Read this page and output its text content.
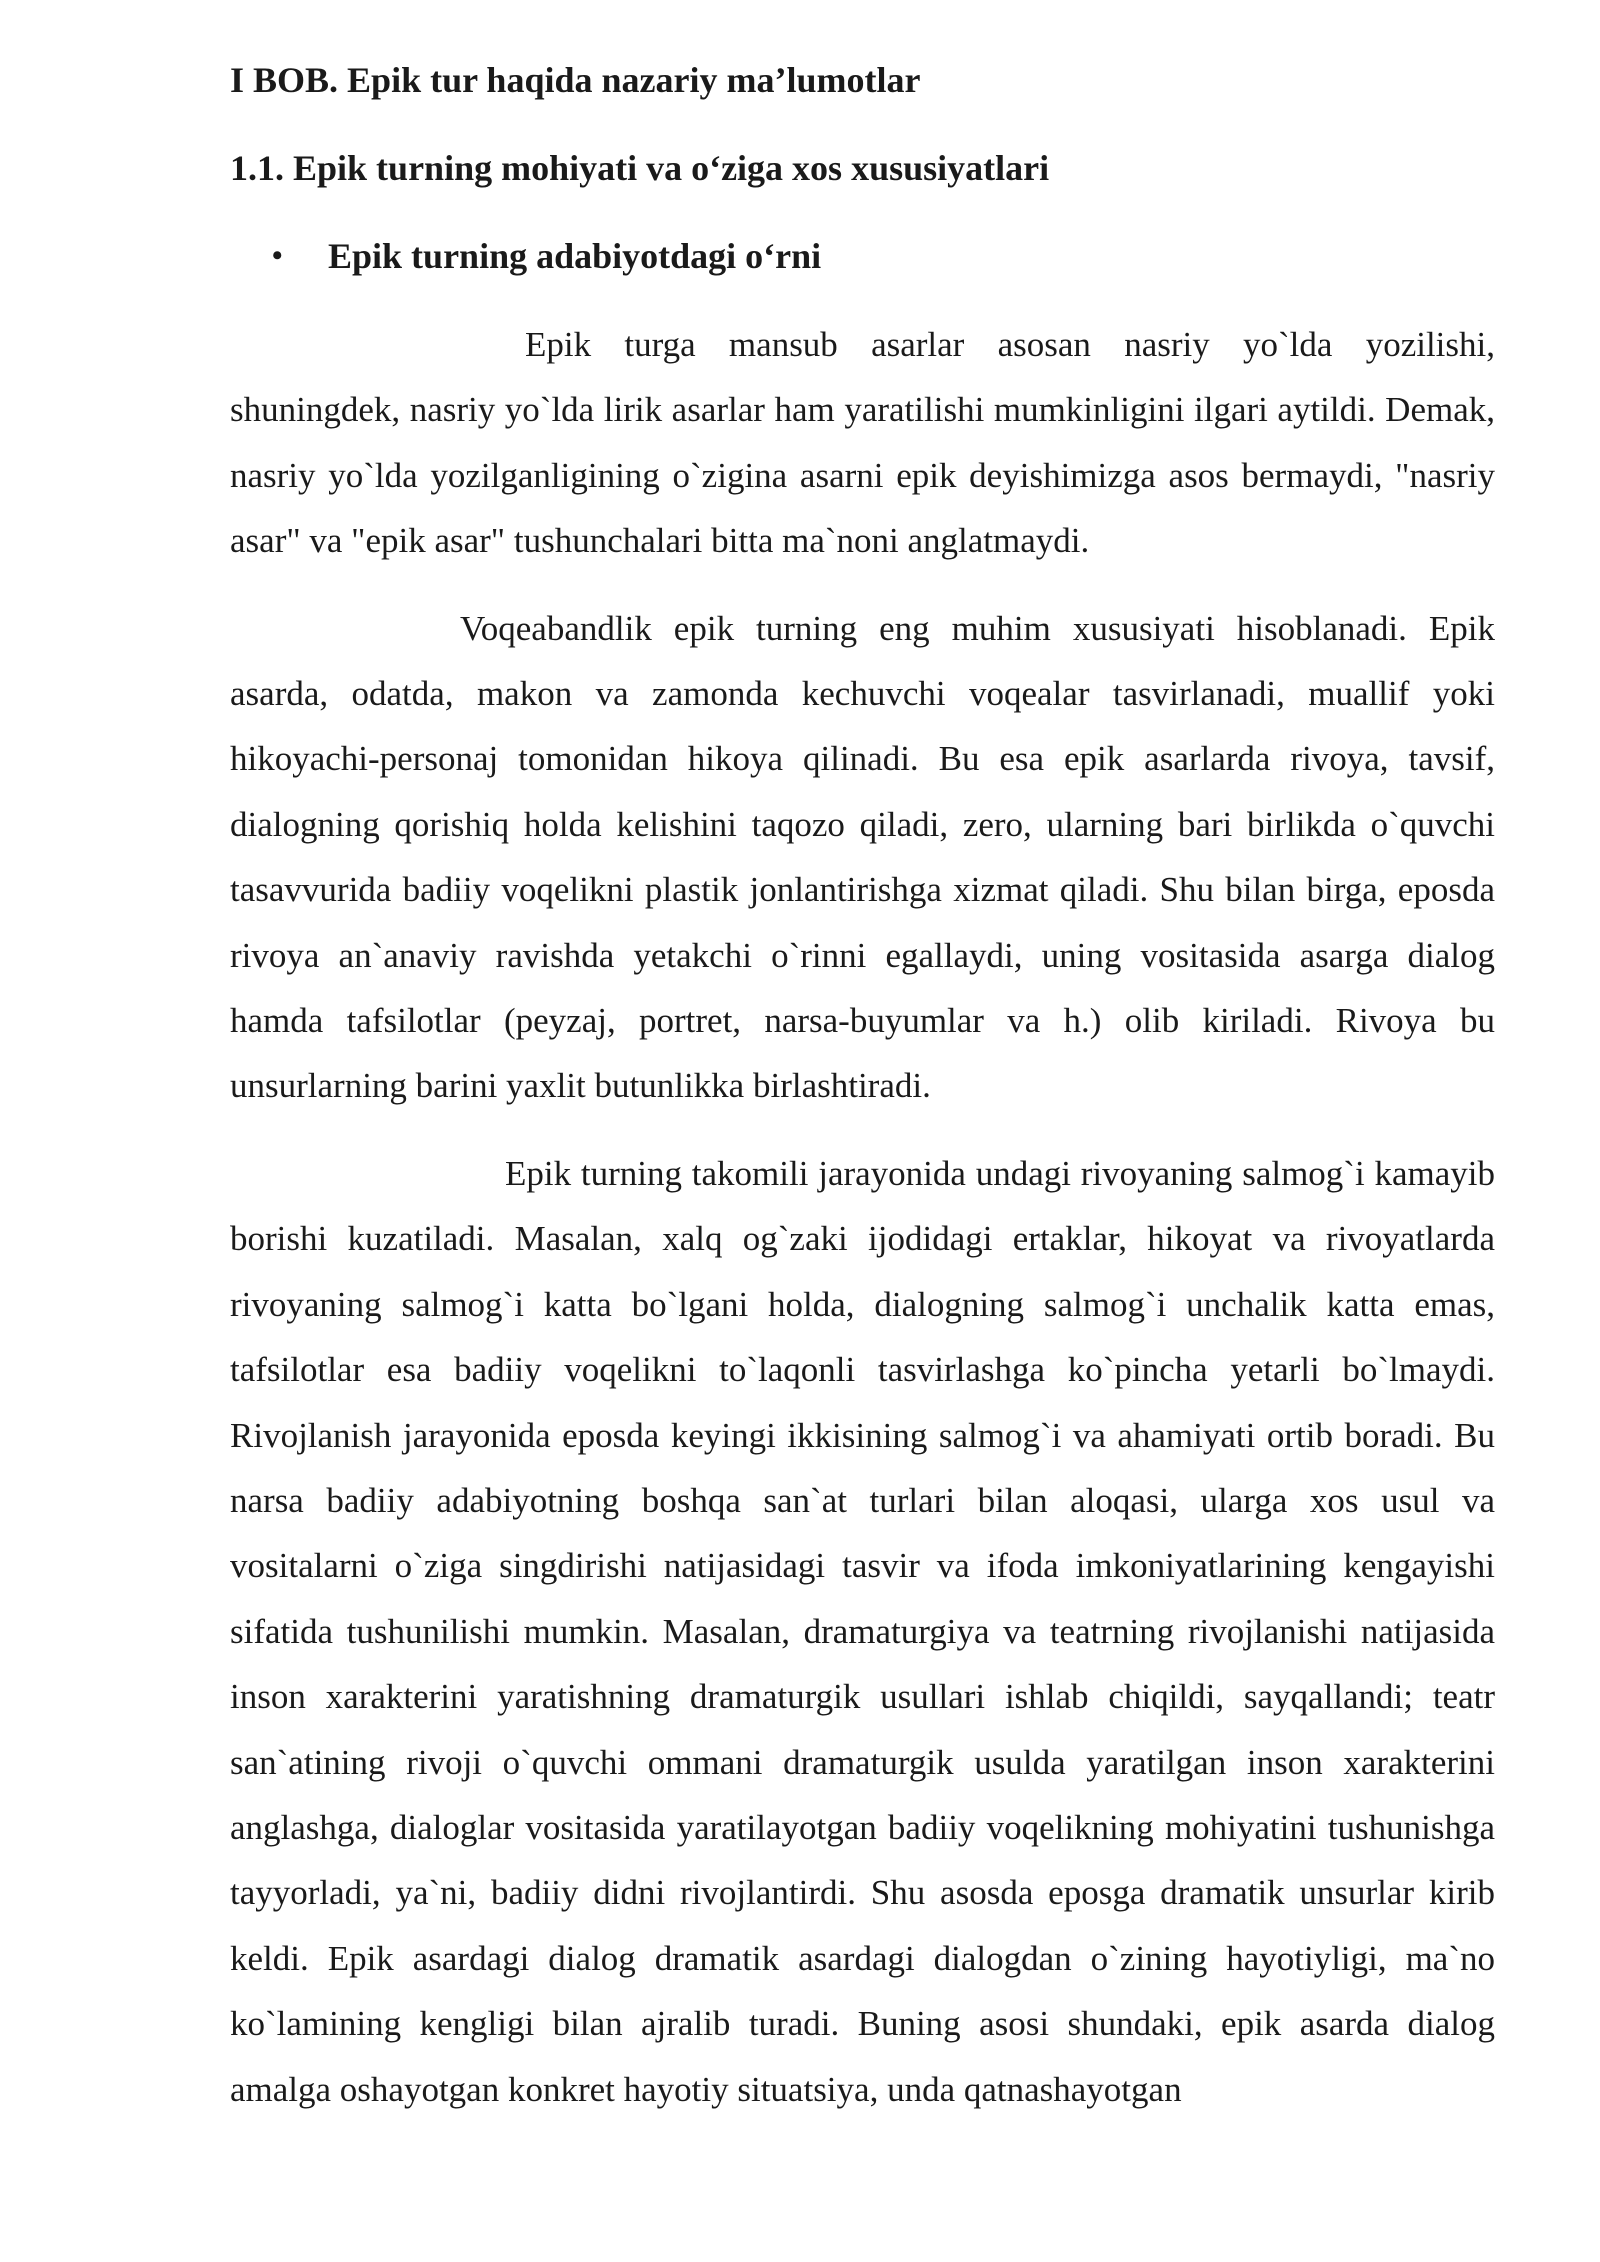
I BOB. Epik tur haqida nazariy ma’lumotlar
1.1. Epik turning mohiyati va o‘ziga xos xususiyatlari
•	Epik turning adabiyotdagi o‘rni

Epik turga mansub asarlar asosan nasriy yo`lda yozilishi, shuningdek, nasriy yo`lda lirik asarlar ham yaratilishi mumkinligini ilgari aytildi. Demak, nasriy yo`lda yozilganligining o`zigina asarni epik deyishimizga asos bermaydi, "nasriy asar" va "epik asar" tushunchalari bitta ma`noni anglatmaydi.

Voqeabandlik epik turning eng muhim xususiyati hisoblanadi. Epik asarda, odatda, makon va zamonda kechuvchi voqealar tasvirlanadi, muallif yoki hikoyachi-personaj tomonidan hikoya qilinadi. Bu esa epik asarlarda rivoya, tavsif, dialogning qorishiq holda kelishini taqozo qiladi, zero, ularning bari birlikda o`quvchi tasavvurida badiiy voqelikni plastik jonlantirishga xizmat qiladi. Shu bilan birga, eposda rivoya an`anaviy ravishda yetakchi o`rinni egallaydi, uning vositasida asarga dialog hamda tafsilotlar (peyzaj, portret, narsa-buyumlar va h.) olib kiriladi. Rivoya bu unsurlarning barini yaxlit butunlikka birlashtiradi.

Epik turning takomili jarayonida undagi rivoyaning salmog`i kamayib borishi kuzatiladi. Masalan, xalq og`zaki ijodidagi ertaklar, hikoyat va rivoyatlarda rivoyaning salmog`i katta bo`lgani holda, dialogning salmog`i unchalik katta emas, tafsilotlar esa badiiy voqelikni to`laqonli tasvirlashga ko`pincha yetarli bo`lmaydi. Rivojlanish jarayonida eposda keyingi ikkisining salmog`i va ahamiyati ortib boradi. Bu narsa badiiy adabiyotning boshqa san`at turlari bilan aloqasi, ularga xos usul va vositalarni o`ziga singdirishi natijasidagi tasvir va ifoda imkoniyatlarining kengayishi sifatida tushunilishi mumkin. Masalan, dramaturgiya va teatrning rivojlanishi natijasida inson xarakterini yaratishning dramaturgik usullari ishlab chiqildi, sayqallandi; teatr san`atining rivoji o`quvchi ommani dramaturgik usulda yaratilgan inson xarakterini anglashga, dialoglar vositasida yaratilayotgan badiiy voqelikning mohiyatini tushunishga tayyorladi, ya`ni, badiiy didni rivojlantirdi. Shu asosda eposga dramatik unsurlar kirib keldi. Epik asardagi dialog dramatik asardagi dialogdan o`zining hayotiyligi, ma`no ko`lamining kengligi bilan ajralib turadi. Buning asosi shundaki, epik asarda dialog amalga oshayotgan konkret hayotiy situatsiya, unda qatnashayotgan
